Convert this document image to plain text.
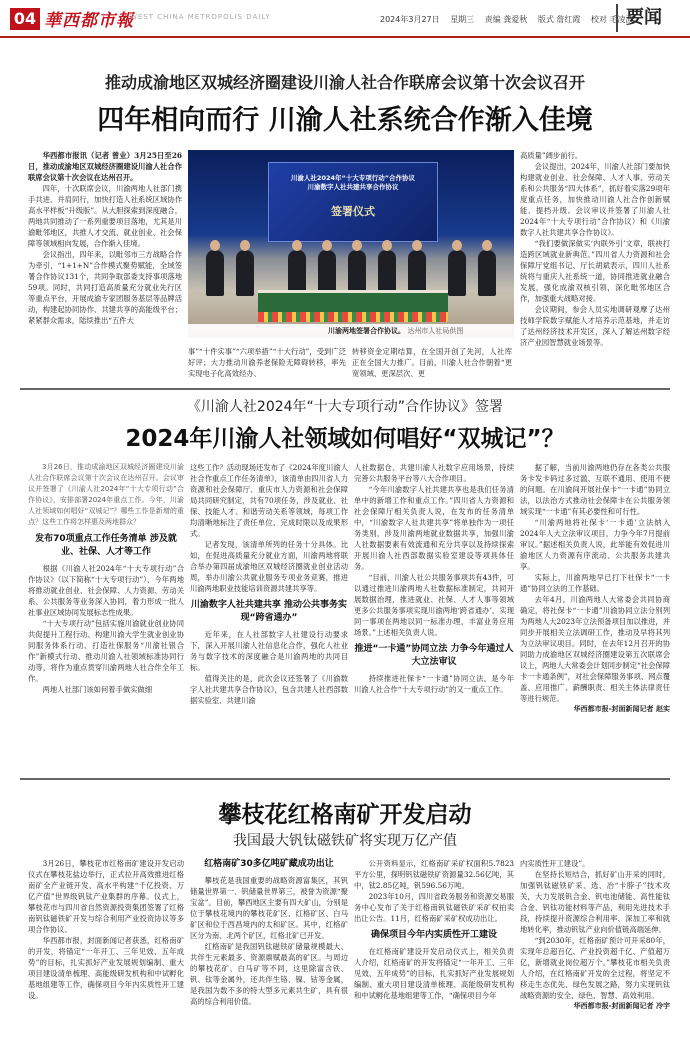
04 華西都市報
WEST CHINA METROPOLIS DAILY	2024年3月27日 星期三 责编 龚爱秋 版式 詹红霞 校对 毛凌波
要闻
推动成渝地区双城经济圈建设川渝人社合作联席会议第十次会议召开
四年相向而行 川渝人社系统合作渐入佳境

华西都市报讯（记者 曾业）3月25日至26日，推动成渝地区双城经济圈建设川渝人社合作联席会议第十次会议在达州召开。

四年，十次联席会议，川渝两地人社部门携手共进、并肩同行，加快打造人社系统区域协作高水平样板“升级版”。从大胆探索到深度融合，两地共同推动了一系列重要项目落地，尤其是川渝毗邻地区，共推人才交流、就业创业、社会保障等领域相向发展，合作渐入佳境。

会议指出，四年来，以毗邻市三方战略合作为牵引，“1+1+N”合作模式聚势赋能，全域签署合作协议131个，共同争取部委支持事项落地59项。同时，共同打造高质量充分就业先行区等重点平台，开展成渝专家团服务基层等品牌活动，构建起协同协作、共建共享的高能级平台；紧紧群众需求，陆续推出“五件大

川渝人社2024年“十大专项行动”合作协议
川渝数字人社共建共享合作协议
签署仪式
川渝两地签署合作协议。 达州市人社局供图

事”“十件实事”“六项举措”“十大行动”，受到广泛好评；大力推动川渝养老保险无障碍转移，率先实现电子化高效经办、

转移资金定期结算，在全国开创了先河，人社库正在全国大力推广。目前，川渝人社合作朝着“更宽领域、更深层次、更

高质量”阔步前行。

会议提出，2024年，川渝人社部门要加快构建就业创业、社会保障、人才人事、劳动关系和公共服务“四大体系”，抓好着实落29项年度重点任务，加快推动川渝人社合作创新赋能、提档升级。会议审议并签署了川渝人社2024年“十大专项行动”合作协议）和《川渝数字人社共建共享合作协议》。

“我们要做深做实‘内联外引’文章，联袂打造跨区域就业新典范。”四川省人力资源和社会保障厅党组书记、厅长胡斌表示，四川人社系统将与重庆人社系统一道，协同推进就业融合发展，强化成渝双核引领，深化毗邻地区合作，加强重大战略对接。

会议期间，参会人员实地调研观摩了达州技师学院数字赋能人才培养示范基地，并走访了达州经济技术开发区，深入了解达州数字经济产业园智慧就业场景等。

《川渝人社2024年“十大专项行动”合作协议》签署
2024年川渝人社领域如何唱好“双城记”？

3月26日，推动成渝地区双城经济圈建设川渝人社合作联席会议第十次会议在达州召开。会议审议并签署了《川渝人社2024年“十大专项行动”合作协议》，安排部署2024年重点工作。今年，川渝人社领域如何唱好“双城记”？哪些工作是新增的重点？这些工作将怎样惠及两地群众？

发布70项重点工作任务清单 涉及就业、社保、人才等工作

根据《川渝人社2024年“十大专项行动”合作协议》（以下简称“十大专项行动”），今年两地将推动就业创业、社会保障、人力资源、劳动关系、公共服务等业务深入协同，着力形成一批人社事业区域协同发展标志性成果。

“十大专项行动”包括实施川渝就业创业协同共促提升工程行动、构建川渝大学生就业创业协同服务体系行动、打造社保服务“川渝社银合作”新模式行动、推动川渝人社领域标准协同行动等，将作为重点贯穿川渝两地人社合作全年工作。

两地人社部门该如何着手做实做细

这些工作？活动现场还发布了《2024年度川渝人社合作重点工作任务清单》，该清单由四川省人力资源和社会保障厅、重庆市人力资源和社会保障局共同研究制定，共有70项任务，涉及就业、社保、技能人才、和谐劳动关系等领域，每项工作均清晰地标注了责任单位、完成时限以及成果形式。

记者发现，该清单所列的任务十分具体。比如，在促进高质量充分就业方面，川渝两地将联合举办第四届成渝地区双城经济圈就业创业活动周，举办川渝公共就业服务专项业务竞赛，推进川渝两地职业技能培训资源共建共享等。

川渝数字人社共建共享 推动公共事务实现“跨省通办”

近年来，在人社部数字人社建设行动要求下，深入开展川渝人社信息化合作，强化人社业务与数字技术的深度融合是川渝两地的共同目标。

值得关注的是，此次会议还签署了《川渝数字人社共建共享合作协议》，包含共建人社西部数据实验室、共建川渝

人社数据仓、共建川渝人社数字应用场景，持续完善公共服务平台等八大合作项目。

“今年川渝数字人社共建共享也是我们任务清单中的新增工作和重点工作。”四川省人力资源和社会保障厅相关负责人说，在发布的任务清单中，“川渝数字人社共建共享”将单独作为一项任务类别，涉及川渝两地就业数据共享，加强川渝人社数据要素有效流通和充分共享以及持续探索开展川渝人社西部数据实验室建设等项具体任务。

“目前，川渝人社公共服务事项共有43件，可以通过推进川渝两地人社数据标准制定，共同开展数据治理，推进就业、社保、人才人事等领域更多公共服务事项实现川渝两地‘跨省通办’，实现同一事项在两地以同一标准办理，丰富业务应用场景。”上述相关负责人说。

推进“一卡通”协同立法 力争今年通过人大立法审议

持续推进社保卡“一卡通”协同立法，是今年川渝人社合作“十大专项行动”的又一重点工作。

据了解，当前川渝两地仍存在各类公共服务卡发卡码过多过滥、互联不通用、使用不便的问题。在川渝间开展社保卡“一卡通”协同立法，以法治方式推动社会保障卡在公共服务领域实现“一卡通”有其必要性和可行性。

“川渝两地将社保卡‘一卡通’立法纳入2024年人大立法审议项目，力争今年7月提前审议。”据述相关负责人说，此举能有效促进川渝地区人力资源有序流动、公共服务共建共享。

实际上，川渝两地早已打下社保卡“一卡通”协同立法的工作基础。

去年4月，川渝两地人大常委会共同协商确定，将社保卡“一卡通”川渝协同立法分别列为两地人大2023年立法预备项目加以推进，并同步开展相关立法调研工作，推动及早将其列为立法审议项目。同时，在去年12月召开的协同助力成渝地区双城经济圈建设第五次联席会议上，两地人大常委会计划同步制定“社会保障卡一卡通条例”，对社会保障服务事项、网点覆盖、应用推广、薪酬职责、相关主体法律责任等进行规范。

华西都市报-封面新闻记者 赵实

攀枝花红格南矿开发启动
我国最大钒钛磁铁矿将实现万亿产值

3月26日，攀枝花市红格南矿建设开发启动仪式在攀枝花盐边举行，正式拉开高效推进红格南矿全产业链开发、高水平构建“千亿投资、万亿产值”世界级钒钛产业集群的序幕。仪式上，攀枝花市与四川省自然资源投资集团签署了红格南钒钛磁铁矿开发与综合利用产业投资协议等多项合作协议。

华西都市报，封面新闻记者获悉，红格南矿的开发，将锚定“一年开工、三年见效、五年成势”的目标，扎实抓好产业发展规划编制、重大项目建设清单梳理、高能级研发机构和中试孵化基地组建等工作，确保项目今年内实质性开工建设。

红格南矿30多亿吨矿藏成功出让

攀枝花是我国重要的战略资源富集区，其钒储量世界第一、钒储量世界第三，被誉为资源“聚宝盆”。目前，攀西地区主要有四大矿山，分别是位于攀枝花境内的攀枝花矿区、红格矿区、白马矿区和位于西昌境内的太和矿区。其中，红格矿区分为南、北两个矿区，红格北矿已开发。

红格南矿是我国钒钛磁铁矿储量规模最大、共伴生元素最多、资源禀赋最高的矿区。与周边的攀枝花矿、白马矿等不同，这里除富含铁、钒、钛等金属外，还共伴生铬、镍、钴等金属，是我国为数不多的特大型多元素共生矿，具有很高的综合利用价值。

公开资料显示，红格南矿采矿权面积5.7823平方公里，探明钒钛磁铁矿资源量32.56亿吨，其中，钛2.85亿吨，钒596.56万吨。

2023年10月，四川省政务服务和资源交易服务中心发布了关于红格南钒钛磁铁矿采矿权拍卖出让公告。11月，红格南矿采矿权成功出让。

确保项目今年内实质性开工建设

在红格南矿建设开发启动仪式上，相关负责人介绍，红格南矿的开发将锚定“一年开工、三年见效、五年成势”的目标，扎实抓好产业发展规划编制、重大项目建设清单梳理、高能级研发机构和中试孵化基地组建等工作，“确保项目今年

内实质性开工建设”。

在坚持长短结合，抓好矿山开采的同时，加强钒钛磁铁矿采、选、冶“卡脖子”技术攻关，大力发展钒合金、钒电池储能、高性能钛合金、钒钛功能材料等产品，利用先进技术手段，持续提升资源综合利用率、深加工率和就地转化率，推动钒钛产业向价值链高端延伸。

“到2030年，红格南矿预计可开采80年，实现年总超百亿、产业投资超千亿、产值超万亿，新增就业岗位超万个。”攀枝花市相关负责人介绍，在红格南矿开发的全过程，将坚定不移走生态优先、绿色发展之路，努力实现钒钛战略资源的安全、绿色、智慧、高效利用。

华西都市报-封面新闻记者 冷宇
